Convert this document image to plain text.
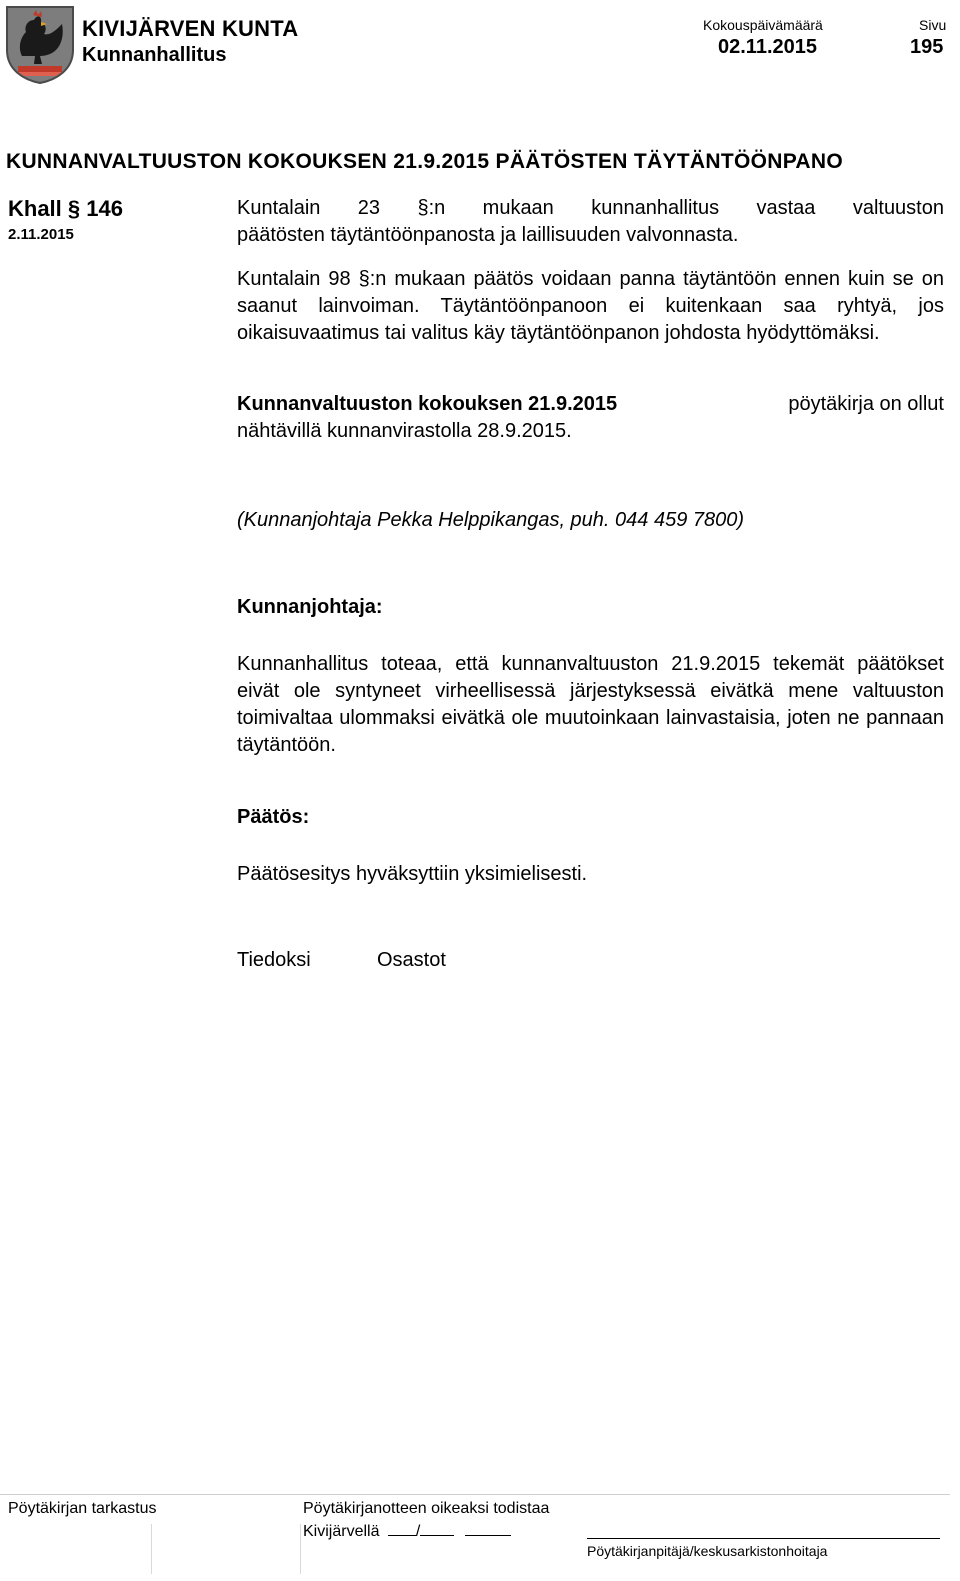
KIVIJÄRVEN KUNTA
Kunnanhallitus
Kokouspäivämäärä
02.11.2015
Sivu
195
KUNNANVALTUUSTON KOKOUKSEN 21.9.2015 PÄÄTÖSTEN TÄYTÄNTÖÖNPANO
Khall § 146
2.11.2015
Kuntalain 23 §:n mukaan kunnanhallitus vastaa valtuuston
päätösten täytäntöönpanosta ja laillisuuden valvonnasta.
Kuntalain 98 §:n mukaan päätös voidaan panna täytäntöön ennen kuin se on saanut lainvoiman. Täytäntöönpanoon ei kuitenkaan saa ryhtyä, jos oikaisuvaatimus tai valitus käy täytäntöönpanon johdosta hyödyttömäksi.
Kunnanvaltuuston kokouksen 21.9.2015	pöytäkirja on ollut
nähtävillä kunnanvirastolla 28.9.2015.
(Kunnanjohtaja Pekka Helppikangas, puh. 044 459 7800)
Kunnanjohtaja:
Kunnanhallitus toteaa, että kunnanvaltuuston 21.9.2015 tekemät päätökset eivät ole syntyneet virheellisessä järjestyksessä eivätkä mene valtuuston toimivaltaa ulommaksi eivätkä ole muutoinkaan lainvastaisia, joten ne pannaan täytäntöön.
Päätös:
Päätösesitys hyväksyttiin yksimielisesti.
Tiedoksi	Osastot
Pöytäkirjan tarkastus	Pöytäkirjanotteen oikeaksi todistaa
Kivijärvellä /
Pöytäkirjanpitäjä/keskusarkistonhoitaja
